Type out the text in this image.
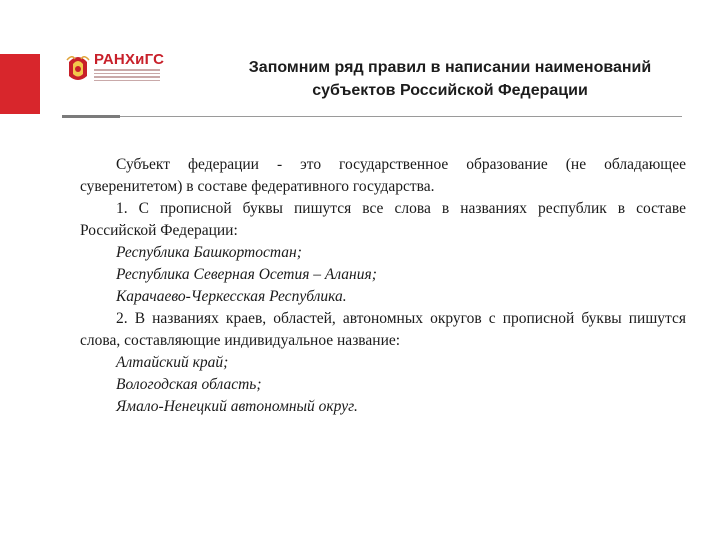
РАНХиГС	Запомним ряд правил в написании наименований
субъектов Российской Федерации

Субъект федерации - это государственное образование (не обладающее суверенитетом) в составе федеративного государства.

1. С прописной буквы пишутся все слова в названиях республик в составе Российской Федерации:

Республика Башкортостан;

Республика Северная Осетия – Алания;

Карачаево-Черкесская Республика.

2. В названиях краев, областей, автономных округов с прописной буквы пишутся слова, составляющие индивидуальное название:

Алтайский край;

Вологодская область;

Ямало-Ненецкий автономный округ.
